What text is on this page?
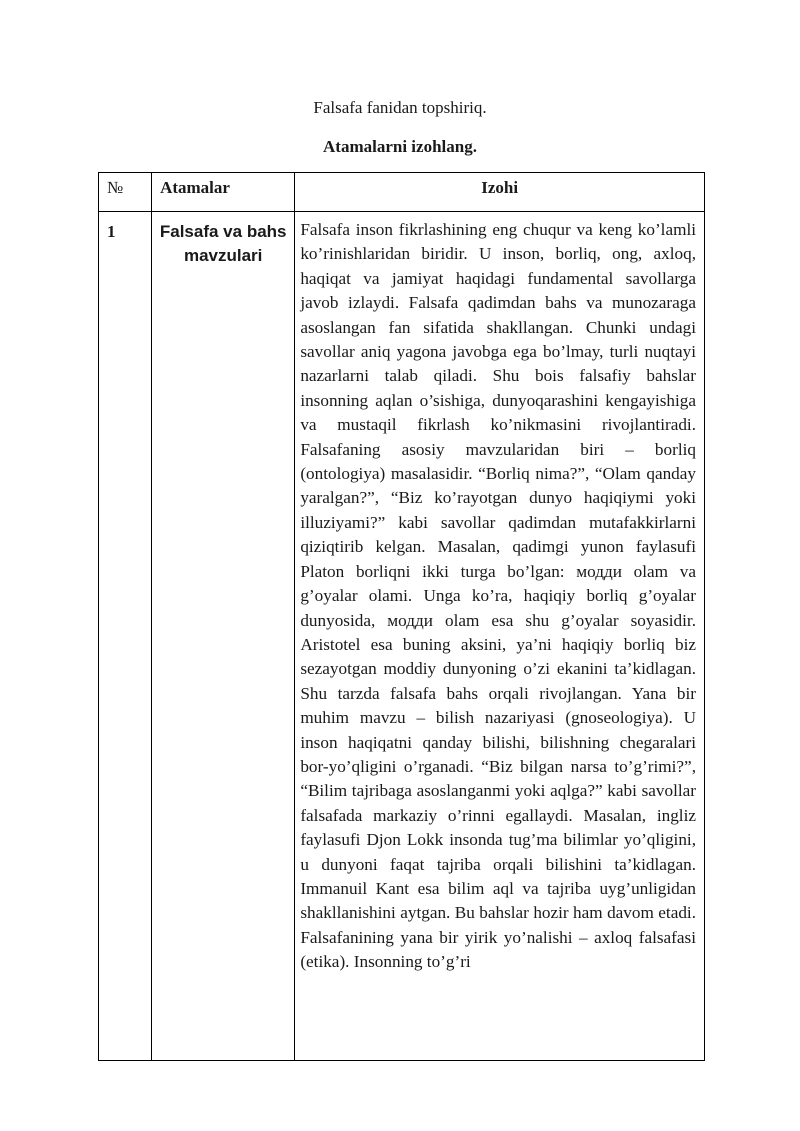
Falsafa fanidan topshiriq.
Atamalarni izohlang.
№	Atamalar	Izohi
1	Falsafa va bahs mavzulari	Falsafa inson fikrlashining eng chuqur va keng ko’lamli ko’rinishlaridan biridir. U inson, borliq, ong, axloq, haqiqat va jamiyat haqidagi fundamental savollarga javob izlaydi. Falsafa qadimdan bahs va munozaraga asoslangan fan sifatida shakllangan. Chunki undagi savollar aniq yagona javobga ega bo’lmay, turli nuqtayi nazarlarni talab qiladi. Shu bois falsafiy bahslar insonning aqlan o’sishiga, dunyoqarashini kengayishiga va mustaqil fikrlash ko’nikmasini rivojlantiradi. Falsafaning asosiy mavzularidan biri – borliq (ontologiya) masalasidir. “Borliq nima?”, “Olam qanday yaralgan?”, “Biz ko’rayotgan dunyo haqiqiymi yoki illuziyami?” kabi savollar qadimdan mutafakkirlarni qiziqtirib kelgan. Masalan, qadimgi yunon faylasufi Platon borliqni ikki turga bo’lgan: модди olam va g’oyalar olami. Unga ko’ra, haqiqiy borliq g’oyalar dunyosida, модди olam esa shu g’oyalar soyasidir. Aristotel esa buning aksini, ya’ni haqiqiy borliq biz sezayotgan moddiy dunyoning o’zi ekanini ta’kidlagan. Shu tarzda falsafa bahs orqali rivojlangan. Yana bir muhim mavzu – bilish nazariyasi (gnoseologiya). U inson haqiqatni qanday bilishi, bilishning chegaralari bor-yo’qligini o’rganadi. “Biz bilgan narsa to’g’rimi?”, “Bilim tajribaga asoslanganmi yoki aqlga?” kabi savollar falsafada markaziy o’rinni egallaydi. Masalan, ingliz faylasufi Djon Lokk insonda tug’ma bilimlar yo’qligini, u dunyoni faqat tajriba orqali bilishini ta’kidlagan. Immanuil Kant esa bilim aql va tajriba uyg’unligidan shakllanishini aytgan. Bu bahslar hozir ham davom etadi. Falsafanining yana bir yirik yo’nalishi – axloq falsafasi (etika). Insonning to’g’ri
